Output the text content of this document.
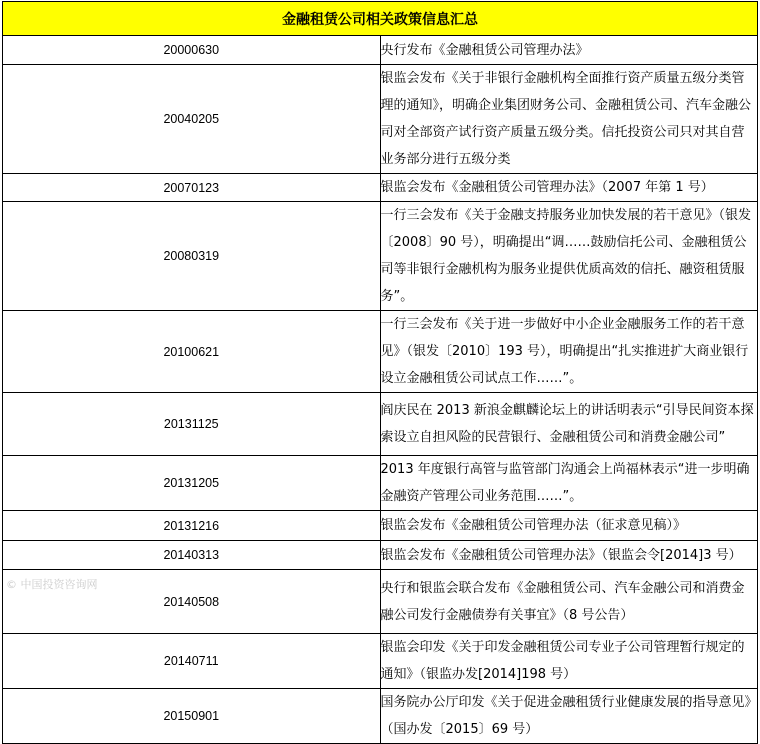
金融租赁公司相关政策信息汇总	
20000630	央行发布《金融租赁公司管理办法》
20040205	银监会发布《关于非银行金融机构全面推行资产质量五级分类管理的通知》，明确企业集团财务公司、金融租赁公司、汽车金融公司对全部资产试行资产质量五级分类。信托投资公司只对其自营业务部分进行五级分类
20070123	银监会发布《金融租赁公司管理办法》（2007 年第 1 号）
20080319	一行三会发布《关于金融支持服务业加快发展的若干意见》（银发〔2008〕90 号），明确提出“调……鼓励信托公司、金融租赁公司等非银行金融机构为服务业提供优质高效的信托、融资租赁服务”。
20100621	一行三会发布《关于进一步做好中小企业金融服务工作的若干意见》（银发〔2010〕193 号），明确提出“扎实推进扩大商业银行设立金融租赁公司试点工作……”。
20131125	阎庆民在 2013 新浪金麒麟论坛上的讲话明表示“引导民间资本探索设立自担风险的民营银行、金融租赁公司和消费金融公司”
20131205	2013 年度银行高管与监管部门沟通会上尚福林表示“进一步明确金融资产管理公司业务范围……”。
20131216	银监会发布《金融租赁公司管理办法（征求意见稿）》
20140313	银监会发布《金融租赁公司管理办法》（银监会令[2014]3 号）
20140508	央行和银监会联合发布《金融租赁公司、汽车金融公司和消费金融公司发行金融债券有关事宜》（8 号公告）
20140711	银监会印发《关于印发金融租赁公司专业子公司管理暂行规定的通知》（银监办发[2014]198 号）
20150901	国务院办公厅印发《关于促进金融租赁行业健康发展的指导意见》（国办发〔2015〕69 号）
© 中国投资咨询网
